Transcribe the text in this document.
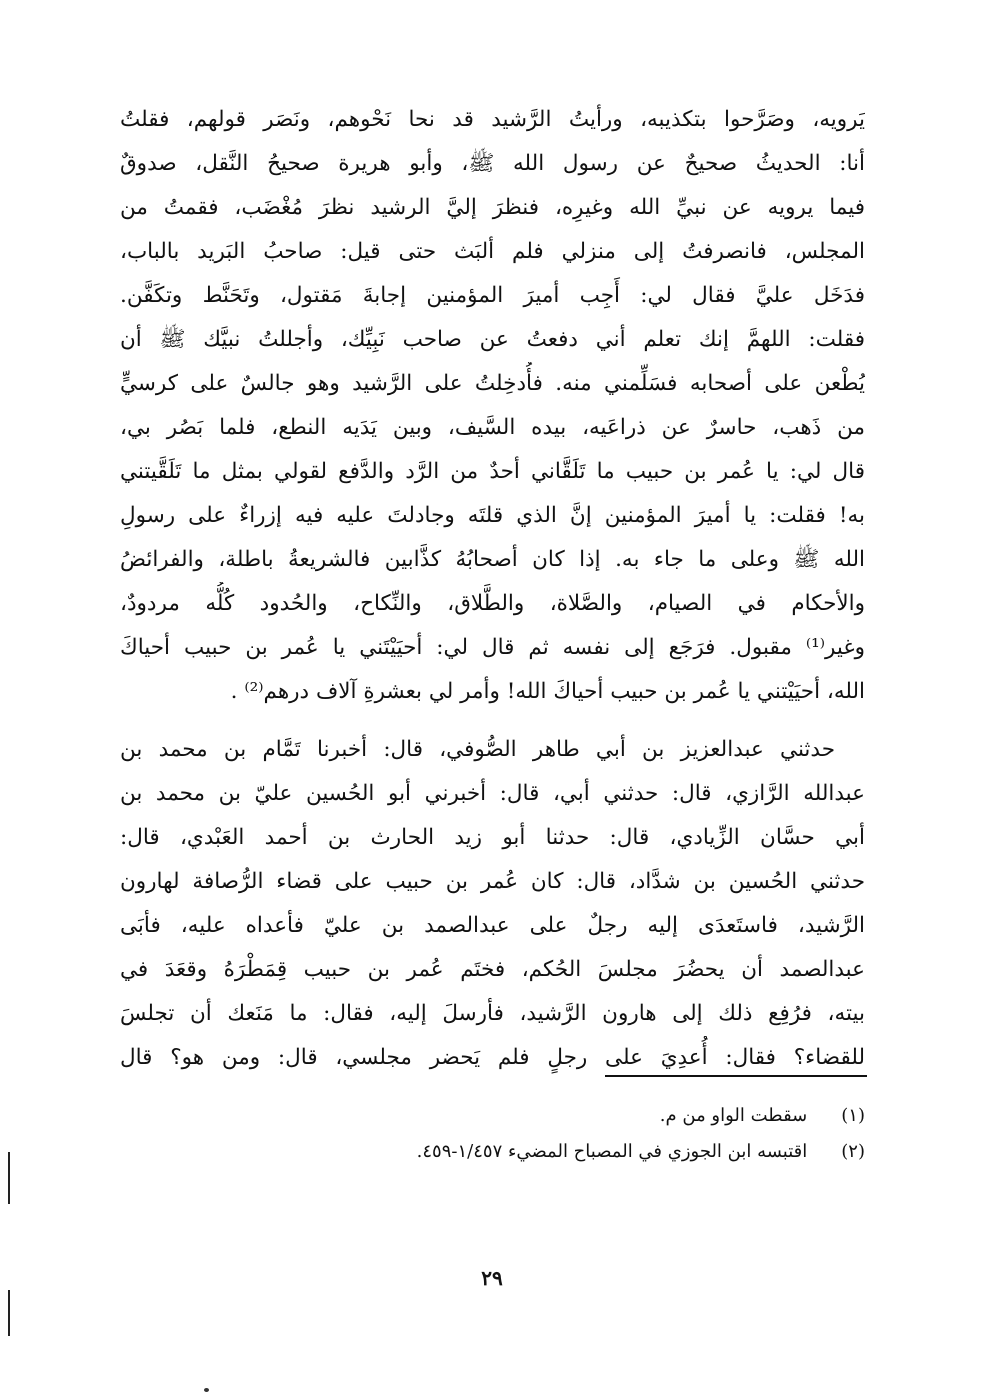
يَرويه، وصَرَّحوا بتكذيبه، ورأيتُ الرَّشيد قد نحا نَحْوهم، ونَصَر قولهم، فقلتُ
أنا: الحديثُ صحيحٌ عن رسول الله ﷺ، وأبو هريرة صحيحُ النَّقل، صدوقٌ
فيما يرويه عن نبيِّ الله وغيرِه، فنظرَ إليَّ الرشيد نظرَ مُغْضَب، فقمتُ من
المجلس، فانصرفتُ إلى منزلي فلم ألبَث حتى قيل: صاحبُ البَريد بالباب،
فدَخَل عليَّ فقال لي: أَجِب أميرَ المؤمنين إجابةَ مَقتول، وتَحَنَّط وتكَفَّن.
فقلت: اللهمَّ إنك تعلم أني دفعتُ عن صاحب نَبِيِّك، وأجللتُ نبيَّك ﷺ أن
يُطْعن على أصحابه فسَلِّمني منه. فأُدخِلتُ على الرَّشيد وهو جالسٌ على كرسيٍّ
من ذَهب، حاسرٌ عن ذراعَيه، بيده السَّيف، وبين يَدَيه النطع، فلما بَصُر بي،
قال لي: يا عُمر بن حبيب ما تَلَقَّاني أحدٌ من الرَّد والدَّفع لقولي بمثل ما تَلَقَّيتني
به! فقلت: يا أميرَ المؤمنين إنَّ الذي قلتَه وجادلتَ عليه فيه إزراءٌ على رسولِ
الله ﷺ وعلى ما جاء به. إذا كان أصحابُهُ كذَّابين فالشريعةُ باطلة، والفرائضُ
والأحكام في الصيام، والصَّلاة، والطَّلاق، والنِّكاح، والحُدود كُلُّه مردودٌ،
وغير⁽¹⁾ مقبول. فرَجَع إلى نفسه ثم قال لي: أحيَيْتَني يا عُمر بن حبيب أحياكَ
الله، أحيَيْتني يا عُمر بن حبيب أحياكَ الله! وأمر لي بعشرةِ آلاف درهم⁽²⁾ .
حدثني عبدالعزيز بن أبي طاهر الصُّوفي، قال: أخبرنا تَمَّام بن محمد بن
عبدالله الرَّازي، قال: حدثني أبي، قال: أخبرني أبو الحُسين عليّ بن محمد بن
أبي حسَّان الزِّيادي، قال: حدثنا أبو زيد الحارث بن أحمد العَبْدي، قال:
حدثني الحُسين بن شدَّاد، قال: كان عُمر بن حبيب على قضاء الرُّصافة لهارون
الرَّشيد، فاستَعدَى إليه رجلٌ على عبدالصمد بن عليّ فأعداه عليه، فأبَى
عبدالصمد أن يحضُرَ مجلسَ الحُكم، فختَم عُمر بن حبيب قِمَطْرَهُ وقعَدَ في
بيته، فرُفِع ذلك إلى هارون الرَّشيد، فأرسلَ إليه، فقال: ما مَنَعك أن تجلسَ
للقضاء؟ فقال: أُعدِيَ على رجلٍ فلم يَحضر مجلسي، قال: ومن هو؟ قال
(١) سقطت الواو من م.
(٢) اقتبسه ابن الجوزي في المصباح المضيء ١/٤٥٧-٤٥٩.
٢٩
